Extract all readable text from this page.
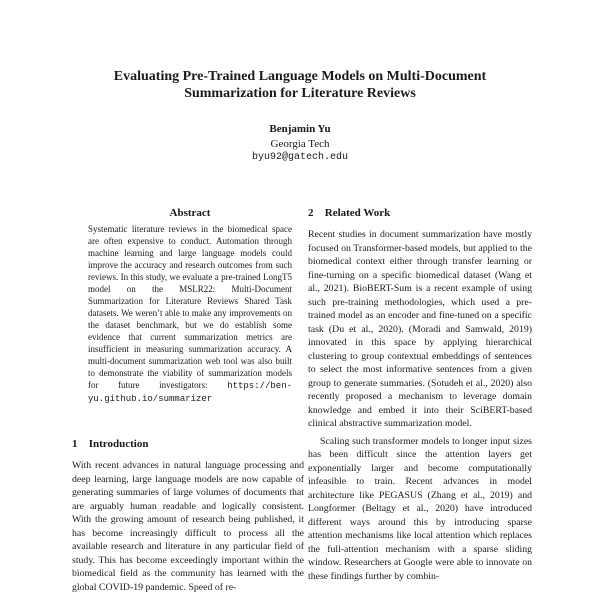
Evaluating Pre-Trained Language Models on Multi-Document
Summarization for Literature Reviews
Benjamin Yu
Georgia Tech
byu92@gatech.edu
Abstract
Systematic literature reviews in the biomedical space are often expensive to conduct. Automation through machine learning and large language models could improve the accuracy and research outcomes from such reviews. In this study, we evaluate a pre-trained LongT5 model on the MSLR22: Multi-Document Summarization for Literature Reviews Shared Task datasets. We weren’t able to make any improvements on the dataset benchmark, but we do establish some evidence that current summarization metrics are insufficient in measuring summarization accuracy. A multi-document summarization web tool was also built to demonstrate the viability of summarization models for future investigators: https://ben-yu.github.io/summarizer
1 Introduction

With recent advances in natural language processing and deep learning, large language models are now capable of generating summaries of large volumes of documents that are arguably human readable and logically consistent. With the growing amount of research being published, it has become increasingly difficult to process all the available research and literature in any particular field of study. This has become exceedingly important within the biomedical field as the community has learned with the global COVID-19 pandemic. Speed of re-

2 Related Work

Recent studies in document summarization have mostly focused on Transformer-based models, but applied to the biomedical context either through transfer learning or fine-turning on a specific biomedical dataset (Wang et al., 2021). BioBERT-Sum is a recent example of using such pre-training methodologies, which used a pre-trained model as an encoder and fine-tuned on a specific task (Du et al., 2020). (Moradi and Samwald, 2019) innovated in this space by applying hierarchical clustering to group contextual embeddings of sentences to select the most informative sentences from a given group to generate summaries. (Sotudeh et al., 2020) also recently proposed a mechanism to leverage domain knowledge and embed it into their SciBERT-based clinical abstractive summarization model.

Scaling such transformer models to longer input sizes has been difficult since the attention layers get exponentially larger and become computationally infeasible to train. Recent advances in model architecture like PEGASUS (Zhang et al., 2019) and Longformer (Beltagy et al., 2020) have introduced different ways around this by introducing sparse attention mechanisms like local attention which replaces the full-attention mechanism with a sparse sliding window. Researchers at Google were able to innovate on these findings further by combin-
